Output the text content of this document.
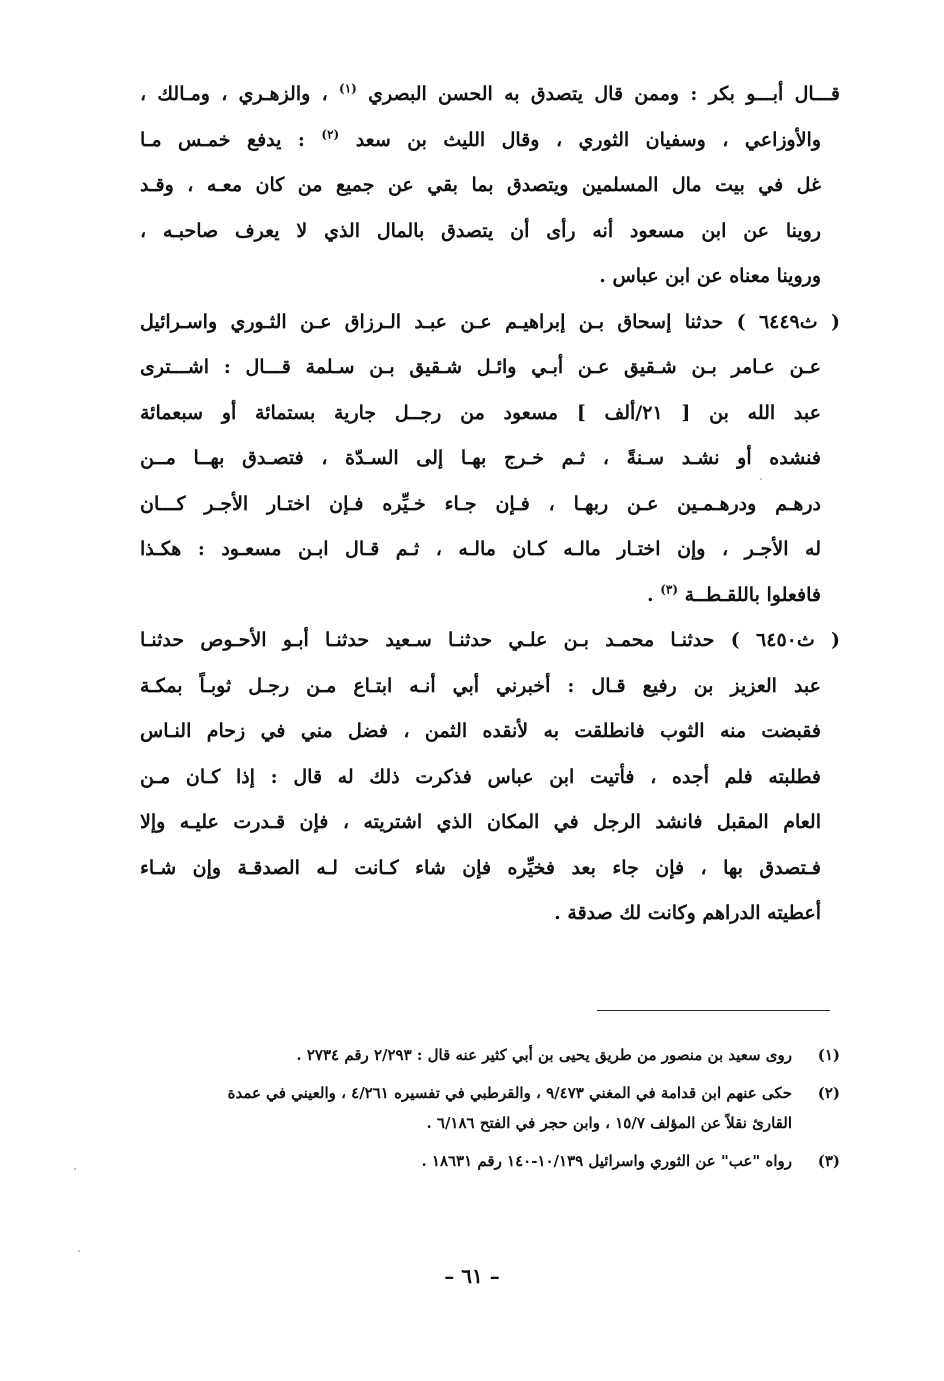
قـــال أبـــو بكر : وممن قال يتصدق به الحسن البصري $^{(١)}$ ، والزهـري ، ومـالك ،
والأوزاعي ، وسفيان الثوري ، وقال الليث بن سعد $^{(٢)}$ : يدفع خمـس مـا
غل في بيت مال المسلمين ويتصدق بما بقي عن جميع من كان معـه ، وقـد
روينا عن ابن مسعود أنه رأى أن يتصدق بالمال الذي لا يعرف صاحبـه ،
وروينا معناه عن ابن عباس .

( ث٦٤٤٩ ) حدثنا إسحاق بـن إبراهيـم عـن عبـد الـرزاق عـن الثـوري واسـرائيل
عـن عـامر بـن شـقيق عـن أبـي وائـل شـقيق بـن سـلمة قـــال : اشـــترى
عبد الله بن [ ٢١/ألف ] مسعود من رجــل جارية بستمائة أو سبعمائة
فنشده أو نشـد سـنةً ، ثـم خـرج بهـا إلى السـدّة ، فتصـدق بهــا مــن
درهـم ودرهـمـين عـن ربهـا ، فـإن جـاء خـيِّره فـإن اختـار الأجـر كـــان
له الأجـر ، وإن اختـار مالـه كـان مالـه ، ثـم قـال ابـن مسعـود : هكـذا
فافعلوا باللقـطــة $^{(٣)}$ .

( ث٦٤٥٠ ) حدثنـا محمـد بـن علـي حدثنـا سـعيد حدثنـا أبـو الأحـوص حدثنـا
عبد العزيز بن رفيع قـال : أخبرني أبي أنـه ابتـاع مـن رجـل ثوبـاً بمكـة
فقبضت منه الثوب فانطلقت به لأنقده الثمن ، فضل مني في زحام النـاس
فطلبته فلم أجده ، فأتيت ابن عباس فذكرت ذلك له قال : إذا كـان مـن
العام المقبل فانشد الرجل في المكان الذي اشتريته ، فإن قـدرت عليـه وإلا
فـتصدق بها ، فإن جاء بعد فخيِّره فإن شاء كـانت لـه الصدقـة وإن شـاء
أعطيته الدراهم وكانت لك صدقة .

(١)
روى سعيد بن منصور من طريق يحيى بن أبي كثير عنه قال : ٢/٢٩٣ رقم ٢٧٣٤ .
(٢)
حكى عنهم ابن قدامة في المغني ٩/٤٧٣ ، والقرطبي في تفسيره ٤/٢٦١ ، والعيني في عمدة
القارئ نقلاً عن المؤلف ١٥/٧ ، وابن حجر في الفتح ٦/١٨٦ .
(٣)
رواه "عب" عن الثوري واسرائيل ١٠/١٣٩-١٤٠ رقم ١٨٦٣١ .
– ٦١ –
